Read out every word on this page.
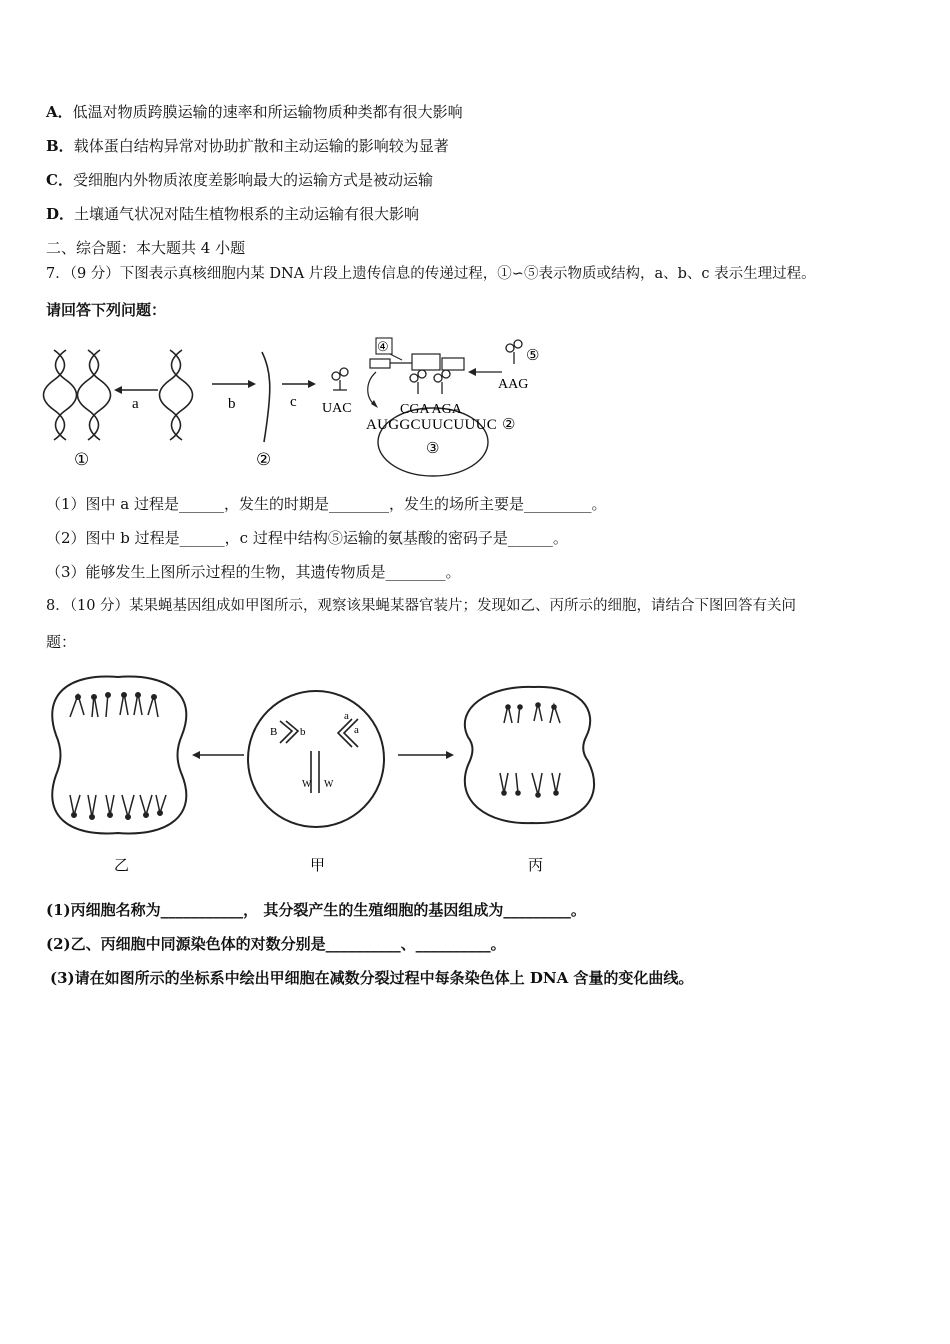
A．低温对物质跨膜运输的速率和所运输物质种类都有很大影响
B．载体蛋白结构异常对协助扩散和主动运输的影响较为显著
C．受细胞内外物质浓度差影响最大的运输方式是被动运输
D．土壤通气状况对陆生植物根系的主动运输有很大影响
二、综合题：本大题共 4 小题
7．（9 分）下图表示真核细胞内某 DNA 片段上遗传信息的传递过程，①∽⑤表示物质或结构，a、b、c 表示生理过程。
请回答下列问题：
a	b	c UAC
④
CGA AGA
AUGGCUUCUUUC ②
③
⑤
AAG
①	②
（1）图中 a 过程是______，发生的时期是________，发生的场所主要是_________。
（2）图中 b 过程是______，c 过程中结构⑤运输的氨基酸的密码子是______。
（3）能够发生上图所示过程的生物，其遗传物质是________。
8．（10 分）某果蝇基因组成如甲图所示，观察该果蝇某器官装片；发现如乙、丙所示的细胞，请结合下图回答有关问
题：
乙
B b
a
a
W W
甲	丙
(1)丙细胞名称为___________， 其分裂产生的生殖细胞的基因组成为_________。
(2)乙、丙细胞中同源染色体的对数分别是__________、__________。
(3)请在如图所示的坐标系中绘出甲细胞在减数分裂过程中每条染色体上 DNA 含量的变化曲线。
